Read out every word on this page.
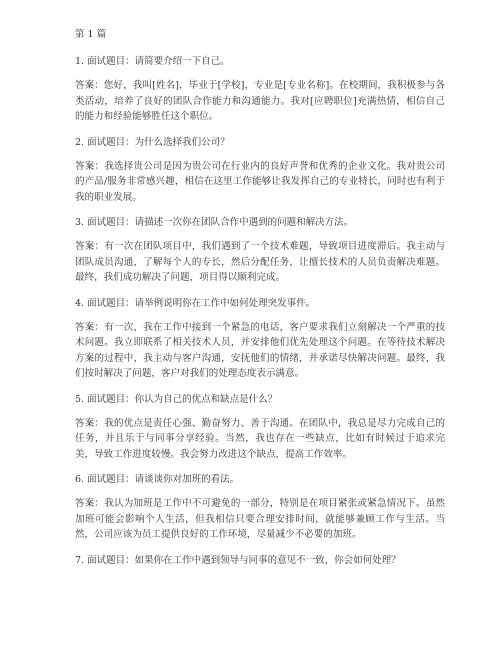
第 1 篇
1. 面试题目：请简要介绍一下自己。

答案：您好，我叫[姓名]，毕业于[学校]，专业是[专业名称]。在校期间，我积极参与各类活动，培养了良好的团队合作能力和沟通能力。我对[应聘职位]充满热情，相信自己的能力和经验能够胜任这个职位。

2. 面试题目：为什么选择我们公司？

答案：我选择贵公司是因为贵公司在行业内的良好声誉和优秀的企业文化。我对贵公司的产品/服务非常感兴趣，相信在这里工作能够让我发挥自己的专业特长，同时也有利于我的职业发展。

3. 面试题目：请描述一次你在团队合作中遇到的问题和解决方法。

答案：有一次在团队项目中，我们遇到了一个技术难题，导致项目进度滞后。我主动与团队成员沟通，了解每个人的专长，然后分配任务，让擅长技术的人员负责解决难题。最终，我们成功解决了问题，项目得以顺利完成。

4. 面试题目：请举例说明你在工作中如何处理突发事件。

答案：有一次，我在工作中接到一个紧急的电话，客户要求我们立刻解决一个严重的技术问题。我立即联系了相关技术人员，并安排他们优先处理这个问题。在等待技术解决方案的过程中，我主动与客户沟通，安抚他们的情绪，并承诺尽快解决问题。最终，我们按时解决了问题，客户对我们的处理态度表示满意。

5. 面试题目：你认为自己的优点和缺点是什么？

答案：我的优点是责任心强、勤奋努力、善于沟通。在团队中，我总是尽力完成自己的任务，并且乐于与同事分享经验。当然，我也存在一些缺点，比如有时候过于追求完美，导致工作进度较慢。我会努力改进这个缺点，提高工作效率。

6. 面试题目：请谈谈你对加班的看法。

答案：我认为加班是工作中不可避免的一部分，特别是在项目紧张或紧急情况下。虽然加班可能会影响个人生活，但我相信只要合理安排时间，就能够兼顾工作与生活。当然，公司应该为员工提供良好的工作环境，尽量减少不必要的加班。

7. 面试题目：如果你在工作中遇到领导与同事的意见不一致，你会如何处理？
